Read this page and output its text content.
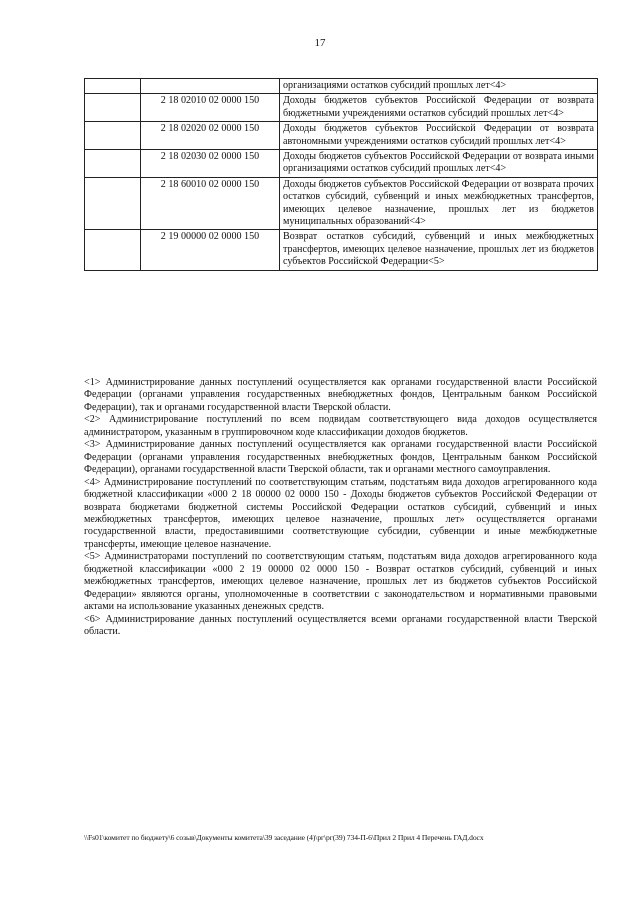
17
		организациями остатков субсидий прошлых лет<4>
	2 18 02010 02 0000 150	Доходы бюджетов субъектов Российской Федерации от возврата бюджетными учреждениями остатков субсидий прошлых лет<4>
	2 18 02020 02 0000 150	Доходы бюджетов субъектов Российской Федерации от возврата автономными учреждениями остатков субсидий прошлых лет<4>
	2 18 02030 02 0000 150	Доходы бюджетов субъектов Российской Федерации от возврата иными организациями остатков субсидий прошлых лет<4>
	2 18 60010 02 0000 150	Доходы бюджетов субъектов Российской Федерации от возврата прочих остатков субсидий, субвенций и иных межбюджетных трансфертов, имеющих целевое назначение, прошлых лет из бюджетов муниципальных образований<4>
	2 19 00000 02 0000 150	Возврат остатков субсидий, субвенций и иных межбюджетных трансфертов, имеющих целевое назначение, прошлых лет из бюджетов субъектов Российской Федерации<5>

<1> Администрирование данных поступлений осуществляется как органами государственной власти Российской Федерации (органами управления государственных внебюджетных фондов, Центральным банком Российской Федерации), так и органами государственной власти Тверской области.

<2> Администрирование поступлений по всем подвидам соответствующего вида доходов осуществляется администратором, указанным в группировочном коде классификации доходов бюджетов.

<3> Администрирование данных поступлений осуществляется как органами государственной власти Российской Федерации (органами управления государственных внебюджетных фондов, Центральным банком Российской Федерации), органами государственной власти Тверской области, так и органами местного самоуправления.

<4> Администрирование поступлений по соответствующим статьям, подстатьям вида доходов агрегированного кода бюджетной классификации «000 2 18 00000 02 0000 150 - Доходы бюджетов субъектов Российской Федерации от возврата бюджетами бюджетной системы Российской Федерации остатков субсидий, субвенций и иных межбюджетных трансфертов, имеющих целевое назначение, прошлых лет» осуществляется органами государственной власти, предоставившими соответствующие субсидии, субвенции и иные межбюджетные трансферты, имеющие целевое назначение.

<5> Администраторами поступлений по соответствующим статьям, подстатьям вида доходов агрегированного кода бюджетной классификации «000 2 19 00000 02 0000 150 - Возврат остатков субсидий, субвенций и иных межбюджетных трансфертов, имеющих целевое назначение, прошлых лет из бюджетов субъектов Российской Федерации» являются органы, уполномоченные в соответствии с законодательством и нормативными правовыми актами на использование указанных денежных средств.

<6> Администрирование данных поступлений осуществляется всеми органами государственной власти Тверской области.

\\Fs01\комитет по бюджету\6 созыв\Документы комитета\39 заседание (4)\рг\рг(39) 734-П-6\Прил 2 Прил 4 Перечень ГАД.docx
